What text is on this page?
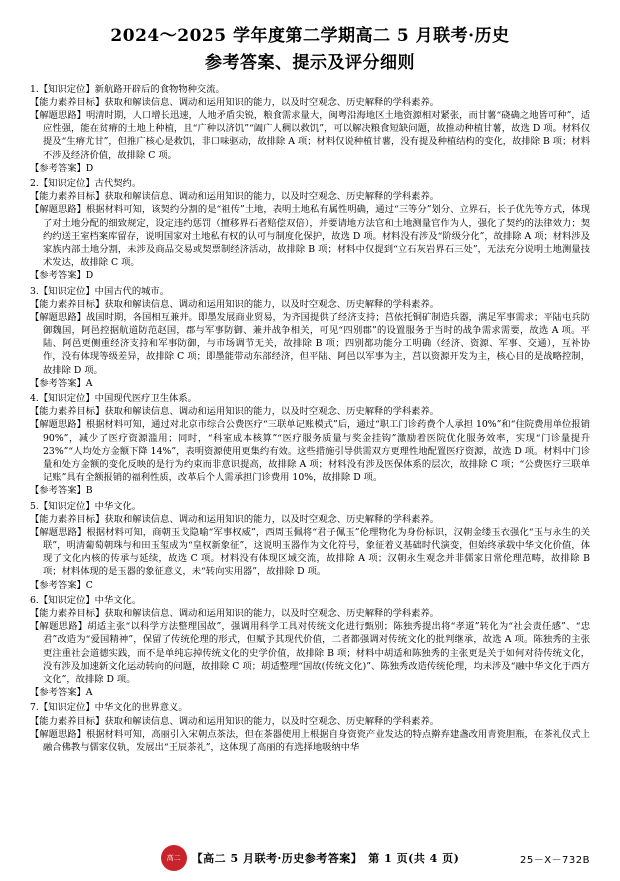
2024～2025 学年度第二学期高二 5 月联考·历史
参考答案、提示及评分细则
1.【知识定位】新航路开辟后的食物物种交流。
【能力素养目标】获取和解读信息、调动和运用知识的能力，以及时空观念、历史解释的学科素养。
【解题思路】明清时期，人口增长迅速，人地矛盾尖锐，粮食需求量大，闽粤沿海地区土地资源相对紧张，而甘薯“硗确之地皆可种”，适应性强，能在贫瘠的土地上种植，且“广种以济饥”“阖广人稠以救饥”，可以解决粮食短缺问题，故推动种植甘薯，故选 D 项。材料仅提及“生瘠尤甘”，但推广核心是救饥，非口味驱动，故排除 A 项；材料仅说种植甘薯，没有提及种植结构的变化，故排除 B 项；材料不涉及经济价值，故排除 C 项。
【参考答案】D
2.【知识定位】古代契约。
【能力素养目标】获取和解读信息、调动和运用知识的能力，以及时空观念、历史解释的学科素养。
【解题思路】根据材料可知，该契约分割的是“祖传”土地，表明土地私有属性明确，通过“三等分”划分、立界石，长子优先等方式，体现了对土地分配的细致规定，设定违约惩罚（擅移界石者赔偿双倍），并要请地方法官和土地测量官作为人，强化了契约的法律效力；契约约送王室档案库留存，说明国家对土地私有权的认可与制度化保护，故选 D 项。材料没有涉及“阶级分化”，故排除 A 项；材料涉及家族内部土地分割，未涉及商品交易或契票制经济活动，故排除 B 项；材料中仅提到“立石灰岩界石三处”，无法充分说明土地测量技术发达，故排除 C 项。
【参考答案】D
3.【知识定位】中国古代的城市。
【能力素养目标】获取和解读信息、调动和运用知识的能力，以及时空观念、历史解释的学科素养。
【解题思路】战国时期，各国相互兼并。即墨发展商业贸易，为齐国提供了经济支持；莒依托铜矿制造兵器，满足军事需求；平陆屯兵防御魏国，阿邑控据航道防范赵国，郡与军事防御、兼并战争相关，可见“四别郡”的设置服务于当时的战争需求需要，故选 A 项。平陆、阿邑更侧重经济支持和军事防御，与市场调节无关，故排除 B 项；四别都功能分工明确（经济、资源、军事、交通），互补协作，没有体现等级差异，故排除 C 项；即墨能带动东部经济，但平陆、阿邑以军事为主，莒以资源开发为主，核心目的是战略控制，故排除 D 项。
【参考答案】A
4.【知识定位】中国现代医疗卫生体系。
【能力素养目标】获取和解读信息、调动和运用知识的能力，以及时空观念、历史解释的学科素养。
【解题思路】根据材料可知，通过对北京市综合公费医疗“三联单记账模式”后，通过“职工门诊药费个人承担 10%”和“住院费用单位报销 90%”，减少了医疗资源滥用；同时，“科室成本核算”“医疗服务质量与奖金挂钩”激励着医院优化服务效率，实现“门诊量提升 23%”“人均处方金额下降 14%”，表明资源使用更集约有效。这些措施引导供需双方更理性地配置医疗资源，故选 D 项。材料中门诊量和处方金额的变化反映的是行为约束而非意识提高，故排除 A 项；材料没有涉及医保体系的层次，故排除 C 项；“公费医疗三联单记账”具有全额报销的福利性质，改革后个人需承担门诊费用 10%，故排除 D 项。
【参考答案】B
5.【知识定位】中华文化。
【能力素养目标】获取和解读信息、调动和运用知识的能力，以及时空观念、历史解释的学科素养。
【解题思路】根据材料可知，商朝玉戈隐喻“军事权威”，西周玉佩将“君子佩玉”伦理物化为身份标识，汉朝金缕玉衣强化“玉与永生的关联”，明清葡萄朝珠与和田玉玺成为“皇权新象征”，这说明玉器作为文化符号，象征着义基础时代演变，但始终承载中华文化价值，体现了文化内核的传承与延续，故选 C 项。材料没有体现区域交流，故排除 A 项；汉朝永生观念并非儒家日常伦理范畴，故排除 B 项；材料体现的是玉器的象征意义，未“转向实用器”，故排除 D 项。
【参考答案】C
6.【知识定位】中华文化。
【能力素养目标】获取和解读信息、调动和运用知识的能力，以及时空观念、历史解释的学科素养。
【解题思路】胡适主张“以科学方法整理国故”，强调用科学工具对传统文化进行甄别；陈独秀提出将“孝道”转化为“社会责任感”、“忠君”改造为“爱国精神”，保留了传统伦理的形式，但赋予其现代价值，二者都强调对传统文化的批判继承，故选 A 项。陈独秀的主张更注重社会道德实践，而不是单纯忘掉传统文化的史学价值，故排除 B 项；材料中胡适和陈独秀的主张更是关于如何对待传统文化，没有涉及加速新文化运动转向的问题，故排除 C 项；胡适整理“国故(传统文化)”、陈独秀改造传统伦理，均未涉及“融中华文化于西方文化”，故排除 D 项。
【参考答案】A
7.【知识定位】中华文化的世界意义。
【能力素养目标】获取和解读信息、调动和运用知识的能力，以及时空观念、历史解释的学科素养。
【解题思路】根据材料可知，高丽引入宋朝点茶法，但在茶器使用上根据自身资瓷产业发达的特点擀弃建盏改用青瓷胆瓶，在茶礼仪式上融合佛教与儒家仪轨，发展出“王辰茶礼”，这体现了高丽的有选择地吸纳中华
高二	【高二 5 月联考·历史参考答案】　第 1 页(共 4 页)	25－X－732B
